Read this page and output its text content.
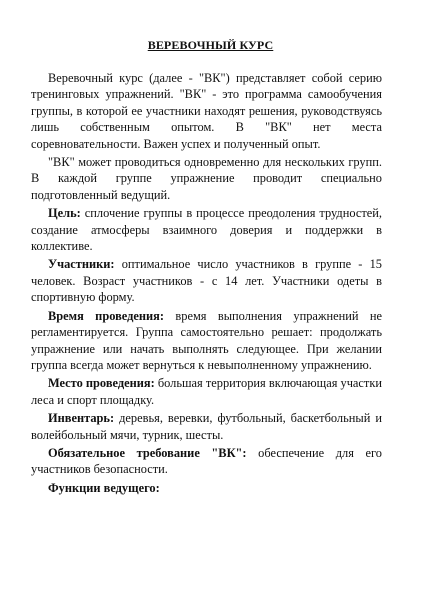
ВЕРЕВОЧНЫЙ КУРС

Веревочный курс (далее - "ВК") представляет собой серию тренинговых упражнений. "ВК" - это программа самообучения группы, в которой ее участники находят решения, руководствуясь лишь собственным опытом. В "ВК" нет места соревновательности. Важен успех и полученный опыт.

"ВК" может проводиться одновременно для нескольких групп. В каждой группе упражнение проводит специально подготовленный ведущий.

Цель: сплочение группы в процессе преодоления трудностей, создание атмосферы взаимного доверия и поддержки в коллективе.

Участники: оптимальное число участников в группе - 15 человек. Возраст участников - с 14 лет. Участники одеты в спортивную форму.

Время проведения: время выполнения упражнений не регламентируется. Группа самостоятельно решает: продолжать упражнение или начать выполнять следующее. При желании группа всегда может вернуться к невыполненному упражнению.

Место проведения: большая территория включающая участки леса и спорт площадку.

Инвентарь: деревья, веревки, футбольный, баскетбольный и волейбольный мячи, турник, шесты.

Обязательное требование "ВК": обеспечение для его участников безопасности.

Функции ведущего:
